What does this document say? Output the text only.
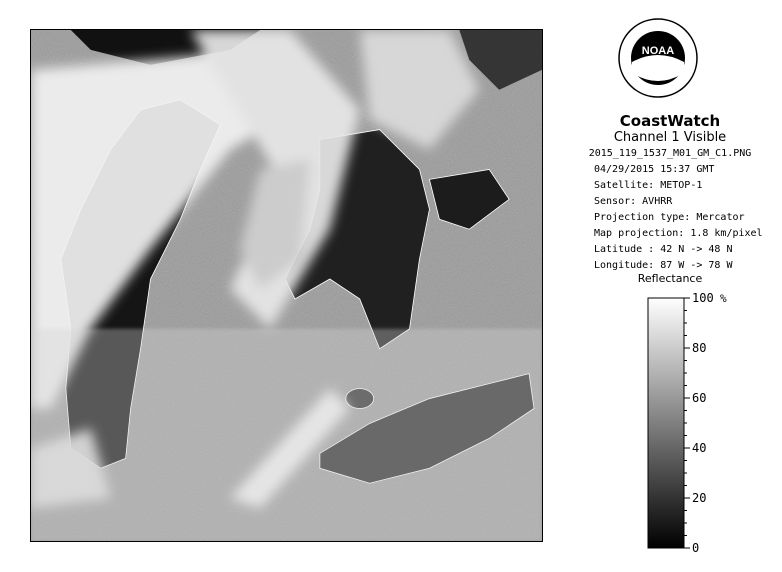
NOAA
CoastWatch
Channel 1 Visible
2015_119_1537_M01_GM_C1.PNG
04/29/2015 15:37 GMT
Satellite: METOP-1
Sensor: AVHRR
Projection type: Mercator
Map projection: 1.8 km/pixel
Latitude : 42 N -> 48 N
Longitude: 87 W -> 78 W
Reflectance
100
80
60
40
20
0
%
